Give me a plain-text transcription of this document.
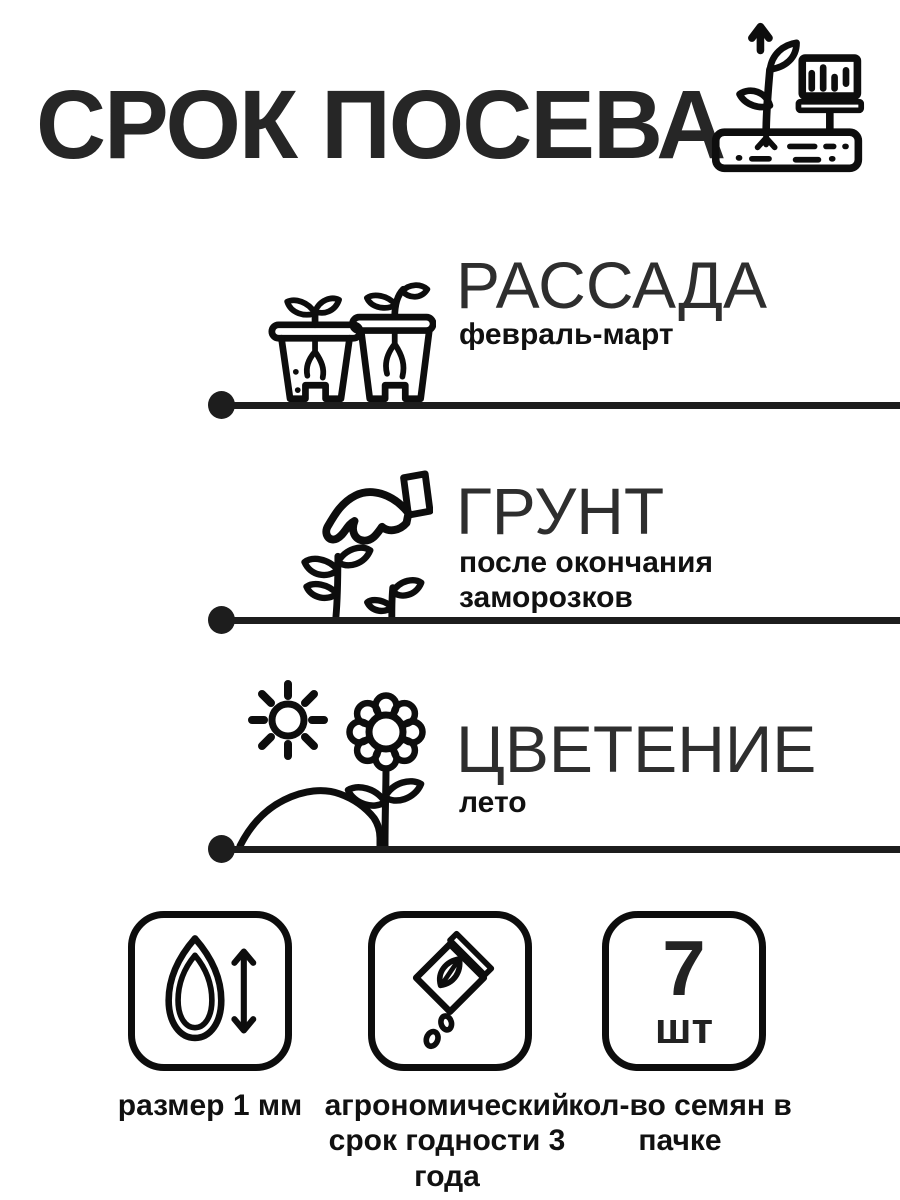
СРОК ПОСЕВА
РАССАДА
февраль-март
ГРУНТ
после окончания заморозков
ЦВЕТЕНИЕ
лето
размер 1 мм агрономический срок годности 3 года
7
шт
кол-во семян в пачке
